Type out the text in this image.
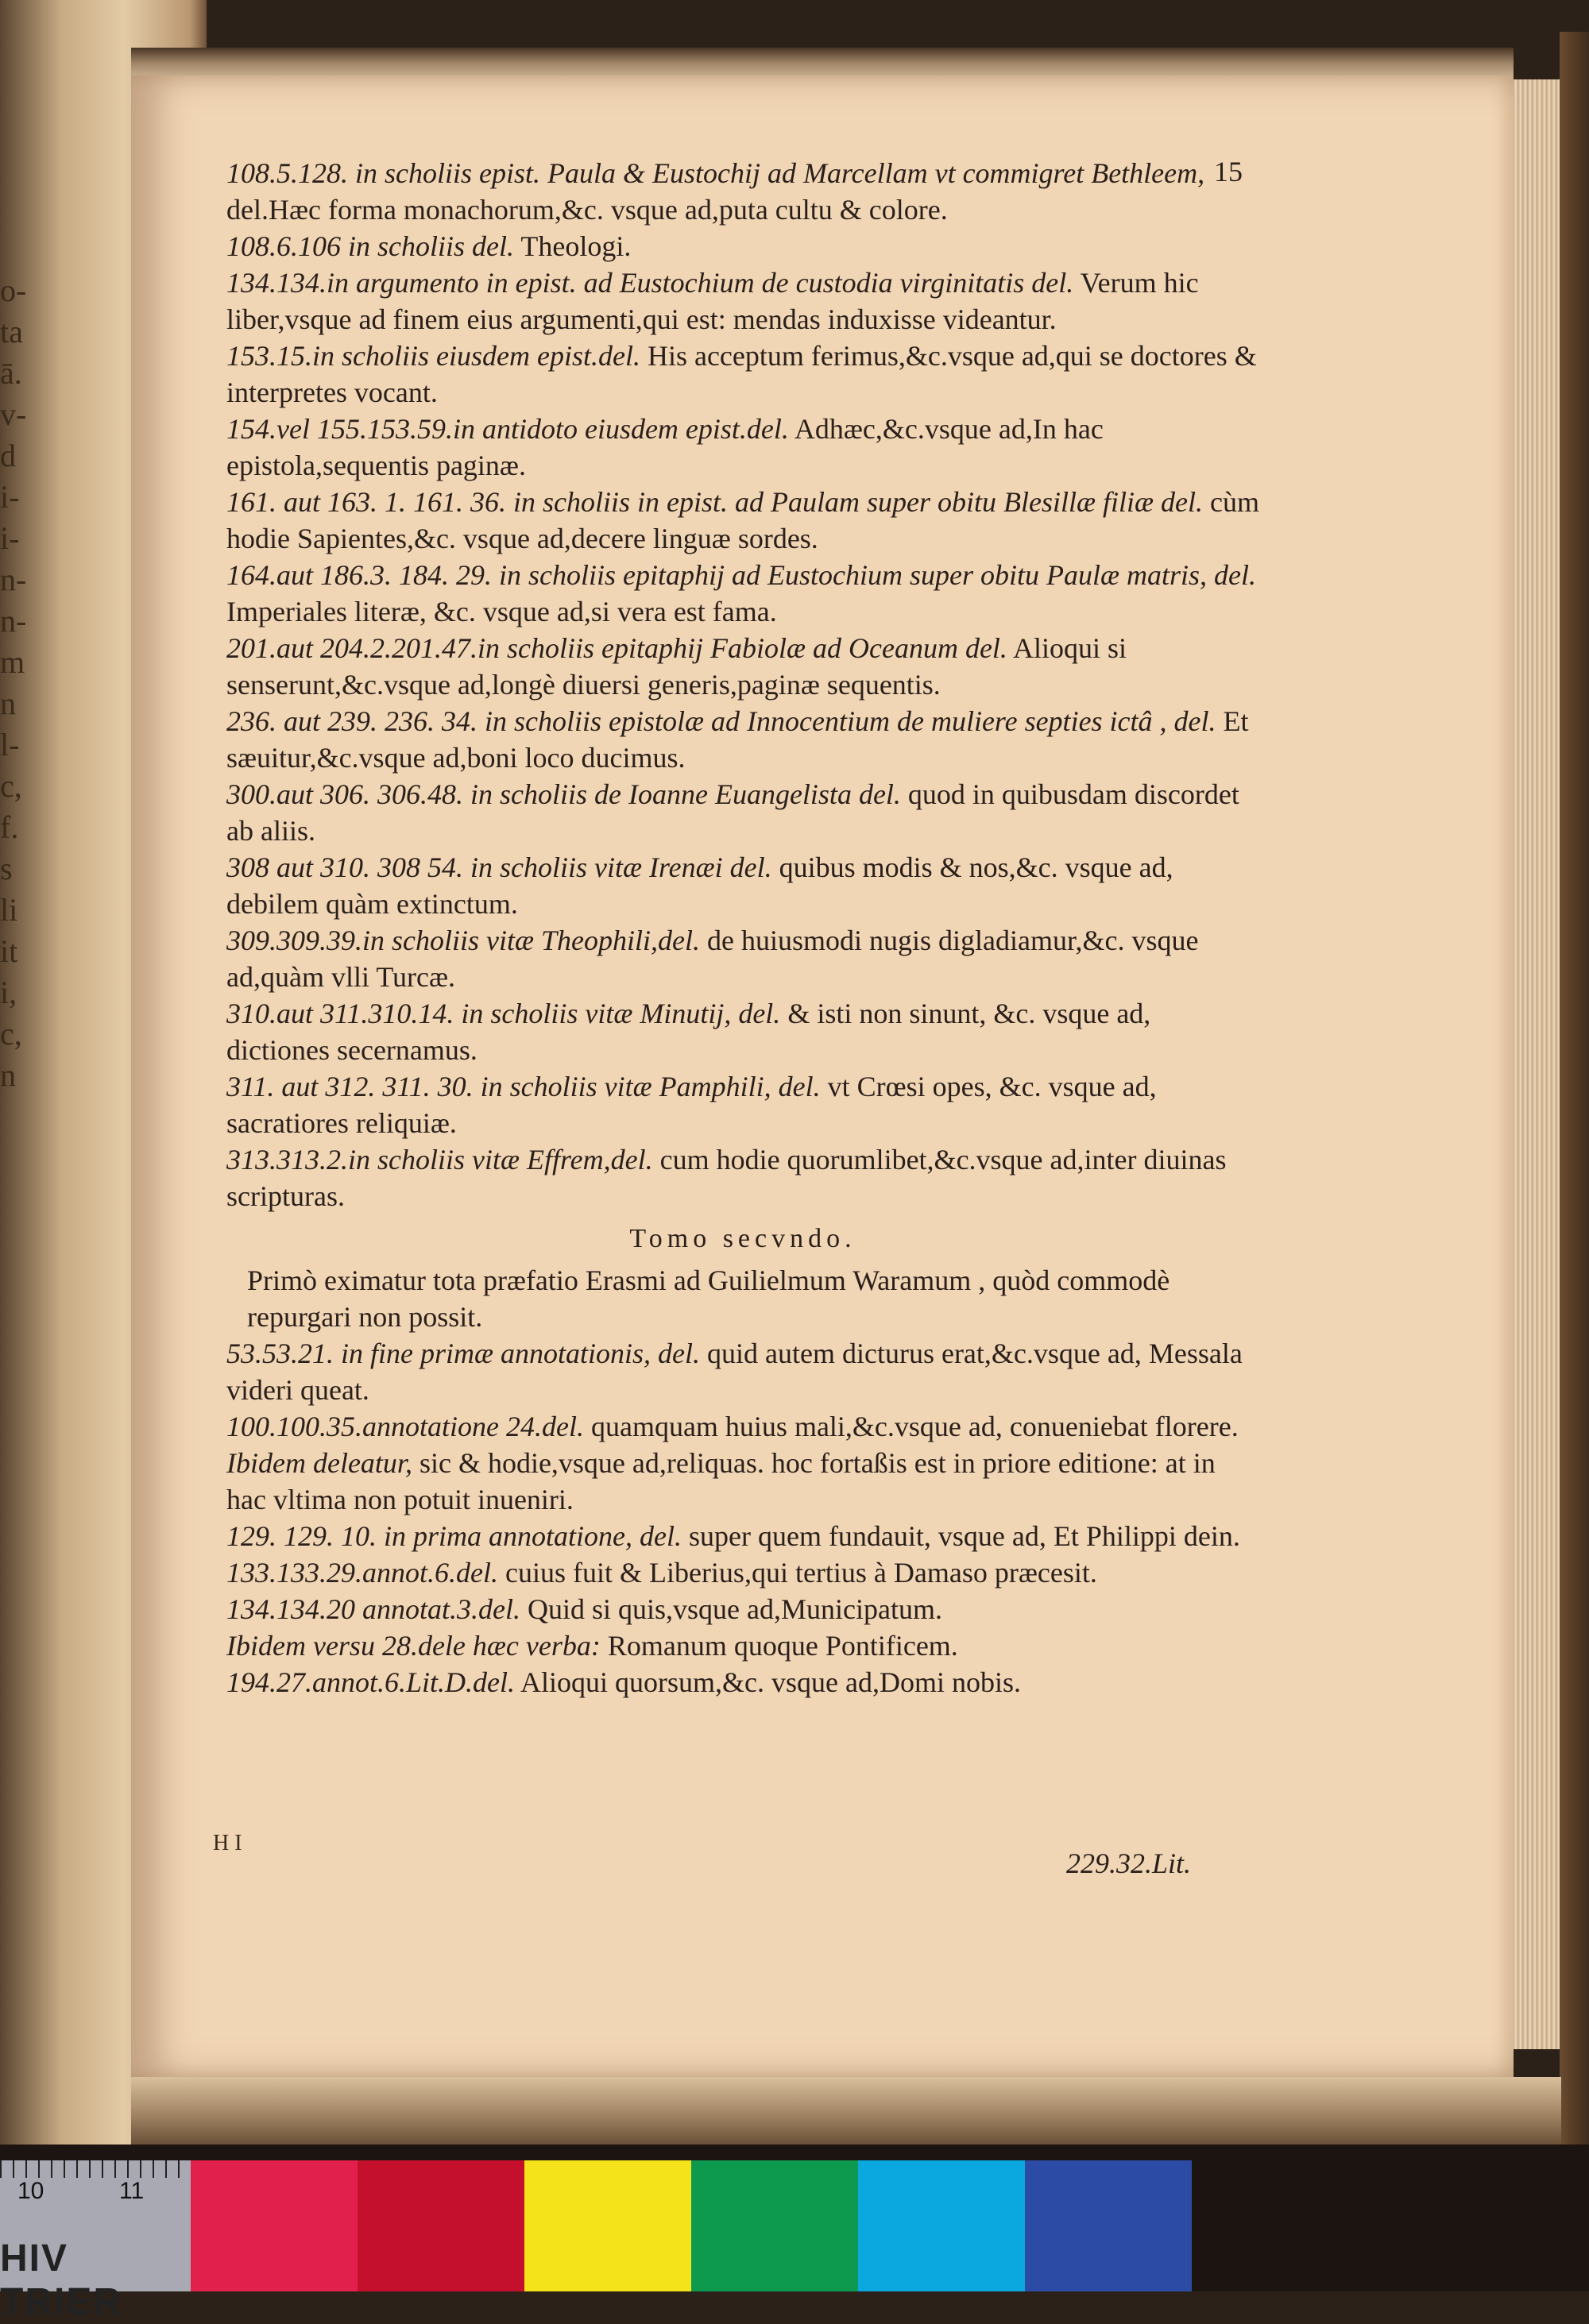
o-
ta
ā.
v-
d
i-
i-
n-
n-
m
n
l-
c,
f.
s
li
it
i,
c,
n
15

108.5.128. in scholiis epist. Paula & Eustochij ad Marcellam vt commigret Bethleem, del.Hæc forma monachorum,&c. vsque ad,puta cultu & colore.

108.6.106 in scholiis del. Theologi.

134.134.in argumento in epist. ad Eustochium de custodia virginitatis del. Verum hic liber,vsque ad finem eius argumenti,qui est: mendas induxisse videantur.

153.15.in scholiis eiusdem epist.del. His acceptum ferimus,&c.vsque ad,qui se doctores & interpretes vocant.

154.vel 155.153.59.in antidoto eiusdem epist.del. Adhæc,&c.vsque ad,In hac epistola,sequentis paginæ.

161. aut 163. 1. 161. 36. in scholiis in epist. ad Paulam super obitu Blesillæ filiæ del. cùm hodie Sapientes,&c. vsque ad,decere linguæ sordes.

164.aut 186.3. 184. 29. in scholiis epitaphij ad Eustochium super obitu Paulæ matris, del. Imperiales literæ, &c. vsque ad,si vera est fama.

201.aut 204.2.201.47.in scholiis epitaphij Fabiolæ ad Oceanum del. Alioqui si senserunt,&c.vsque ad,longè diuersi generis,paginæ sequentis.

236. aut 239. 236. 34. in scholiis epistolæ ad Innocentium de muliere septies ictâ , del. Et sæuitur,&c.vsque ad,boni loco ducimus.

300.aut 306. 306.48. in scholiis de Ioanne Euangelista del. quod in quibusdam discordet ab aliis.

308 aut 310. 308 54. in scholiis vitæ Irenæi del. quibus modis & nos,&c. vsque ad, debilem quàm extinctum.

309.309.39.in scholiis vitæ Theophili,del. de huiusmodi nugis digladiamur,&c. vsque ad,quàm vlli Turcæ.

310.aut 311.310.14. in scholiis vitæ Minutij, del. & isti non sinunt, &c. vsque ad, dictiones secernamus.

311. aut 312. 311. 30. in scholiis vitæ Pamphili, del. vt Crœsi opes, &c. vsque ad, sacratiores reliquiæ.

313.313.2.in scholiis vitæ Effrem,del. cum hodie quorumlibet,&c.vsque ad,inter diuinas scripturas.

Tomo secvndo.

Primò eximatur tota præfatio Erasmi ad Guilielmum Waramum , quòd commodè repurgari non possit.

53.53.21. in fine primæ annotationis, del. quid autem dicturus erat,&c.vsque ad, Messala videri queat.

100.100.35.annotatione 24.del. quamquam huius mali,&c.vsque ad, conueniebat florere.

Ibidem deleatur, sic & hodie,vsque ad,reliquas. hoc fortaßis est in priore editione: at in hac vltima non potuit inueniri.

129. 129. 10. in prima annotatione, del. super quem fundauit, vsque ad, Et Philippi dein.

133.133.29.annot.6.del. cuius fuit & Liberius,qui tertius à Damaso præcesit.

134.134.20 annotat.3.del. Quid si quis,vsque ad,Municipatum.

Ibidem versu 28.dele hæc verba: Romanum quoque Pontificem.

194.27.annot.6.Lit.D.del. Alioqui quorsum,&c. vsque ad,Domi nobis.

H I
229.32.Lit.
10	11
HIV TRIER
